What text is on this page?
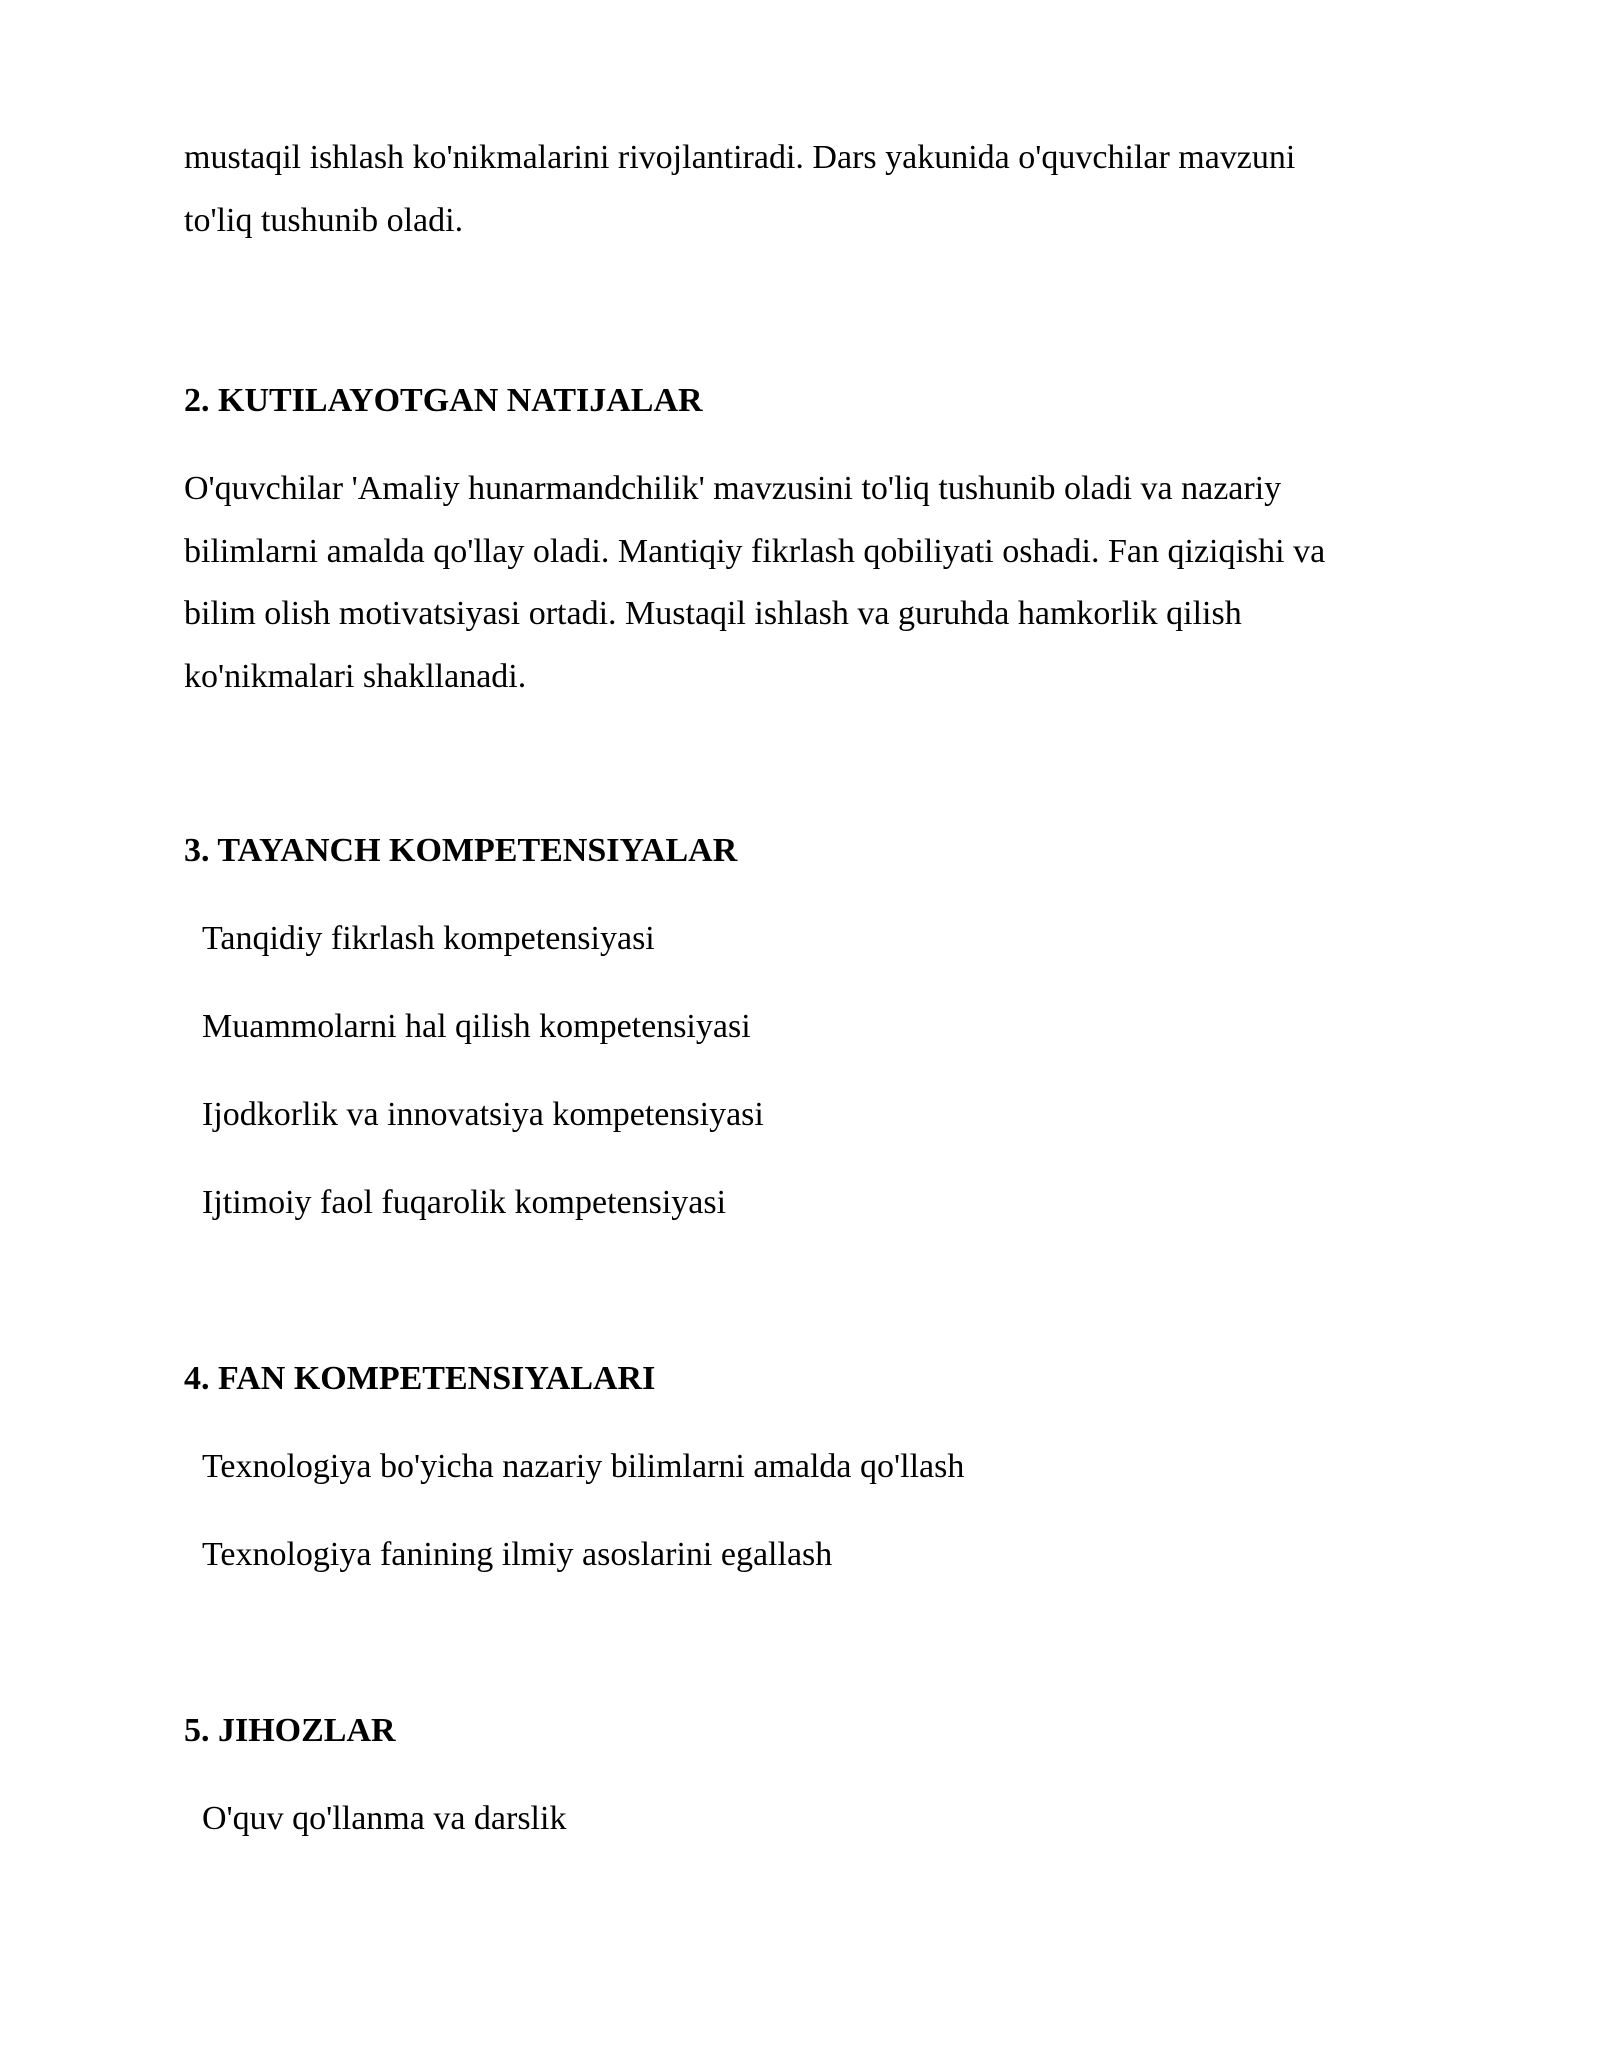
mustaqil ishlash ko'nikmalarini rivojlantiradi. Dars yakunida o'quvchilar mavzuni

to'liq tushunib oladi.

2. KUTILAYOTGAN NATIJALAR

O'quvchilar 'Amaliy hunarmandchilik' mavzusini to'liq tushunib oladi va nazariy

bilimlarni amalda qo'llay oladi. Mantiqiy fikrlash qobiliyati oshadi. Fan qiziqishi va

bilim olish motivatsiyasi ortadi. Mustaqil ishlash va guruhda hamkorlik qilish

ko'nikmalari shakllanadi.

3. TAYANCH KOMPETENSIYALAR

Tanqidiy fikrlash kompetensiyasi

Muammolarni hal qilish kompetensiyasi

Ijodkorlik va innovatsiya kompetensiyasi

Ijtimoiy faol fuqarolik kompetensiyasi

4. FAN KOMPETENSIYALARI

Texnologiya bo'yicha nazariy bilimlarni amalda qo'llash

Texnologiya fanining ilmiy asoslarini egallash

5. JIHOZLAR

O'quv qo'llanma va darslik
